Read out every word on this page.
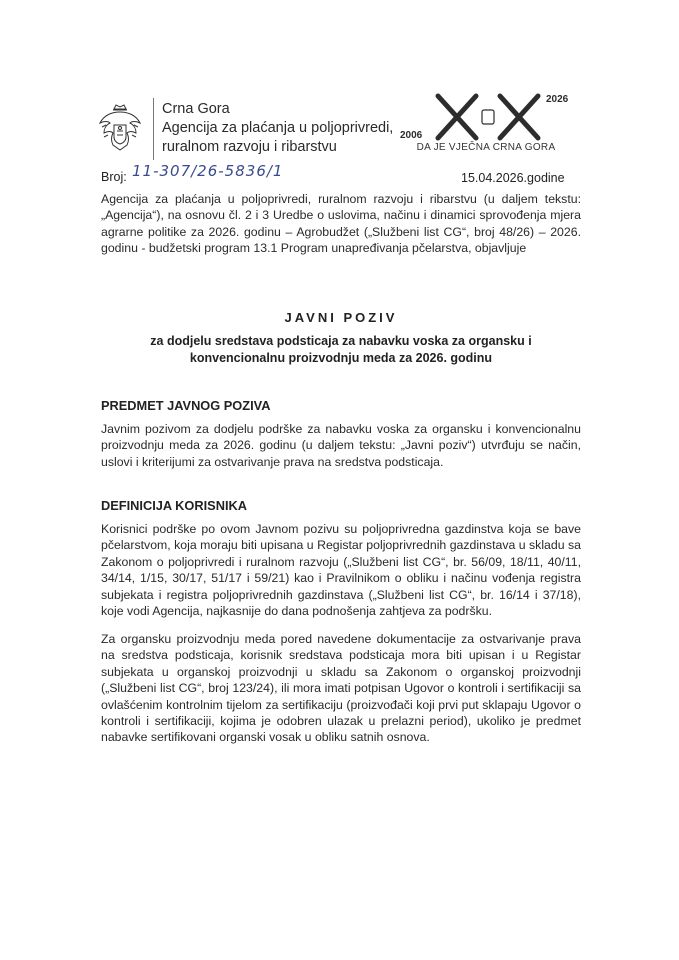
Crna Gora
Agencija za plaćanja u poljoprivredi,
ruralnom razvoju i ribarstvu
2006
2026
DA JE VJEČNA CRNA GORA
Broj: 11-307/26-5836/1	15.04.2026.godine
Agencija za plaćanja u poljoprivredi, ruralnom razvoju i ribarstvu (u daljem tekstu: „Agencija“), na osnovu čl. 2 i 3 Uredbe o uslovima, načinu i dinamici sprovođenja mjera agrarne politike za 2026. godinu – Agrobudžet („Službeni list CG“, broj 48/26) – 2026. godinu - budžetski program 13.1 Program unapređivanja pčelarstva, objavljuje
JAVNI POZIV
za dodjelu sredstava podsticaja za nabavku voska za organsku i
konvencionalnu proizvodnju meda za 2026. godinu
PREDMET JAVNOG POZIVA
Javnim pozivom za dodjelu podrške za nabavku voska za organsku i konvencionalnu proizvodnju meda za 2026. godinu (u daljem tekstu: „Javni poziv“) utvrđuju se način, uslovi i kriterijumi za ostvarivanje prava na sredstva podsticaja.
DEFINICIJA KORISNIKA
Korisnici podrške po ovom Javnom pozivu su poljoprivredna gazdinstva koja se bave pčelarstvom, koja moraju biti upisana u Registar poljoprivrednih gazdinstava u skladu sa Zakonom o poljoprivredi i ruralnom razvoju („Službeni list CG“, br. 56/09, 18/11, 40/11, 34/14, 1/15, 30/17, 51/17 i 59/21) kao i Pravilnikom o obliku i načinu vođenja registra subjekata i registra poljoprivrednih gazdinstava („Službeni list CG“, br. 16/14 i 37/18), koje vodi Agencija, najkasnije do dana podnošenja zahtjeva za podršku.
Za organsku proizvodnju meda pored navedene dokumentacije za ostvarivanje prava na sredstva podsticaja, korisnik sredstava podsticaja mora biti upisan i u Registar subjekata u organskoj proizvodnji u skladu sa Zakonom o organskoj proizvodnji („Službeni list CG“, broj 123/24), ili mora imati potpisan Ugovor o kontroli i sertifikaciji sa ovlašćenim kontrolnim tijelom za sertifikaciju (proizvođači koji prvi put sklapaju Ugovor o kontroli i sertifikaciji, kojima je odobren ulazak u prelazni period), ukoliko je predmet nabavke sertifikovani organski vosak u obliku satnih osnova.
